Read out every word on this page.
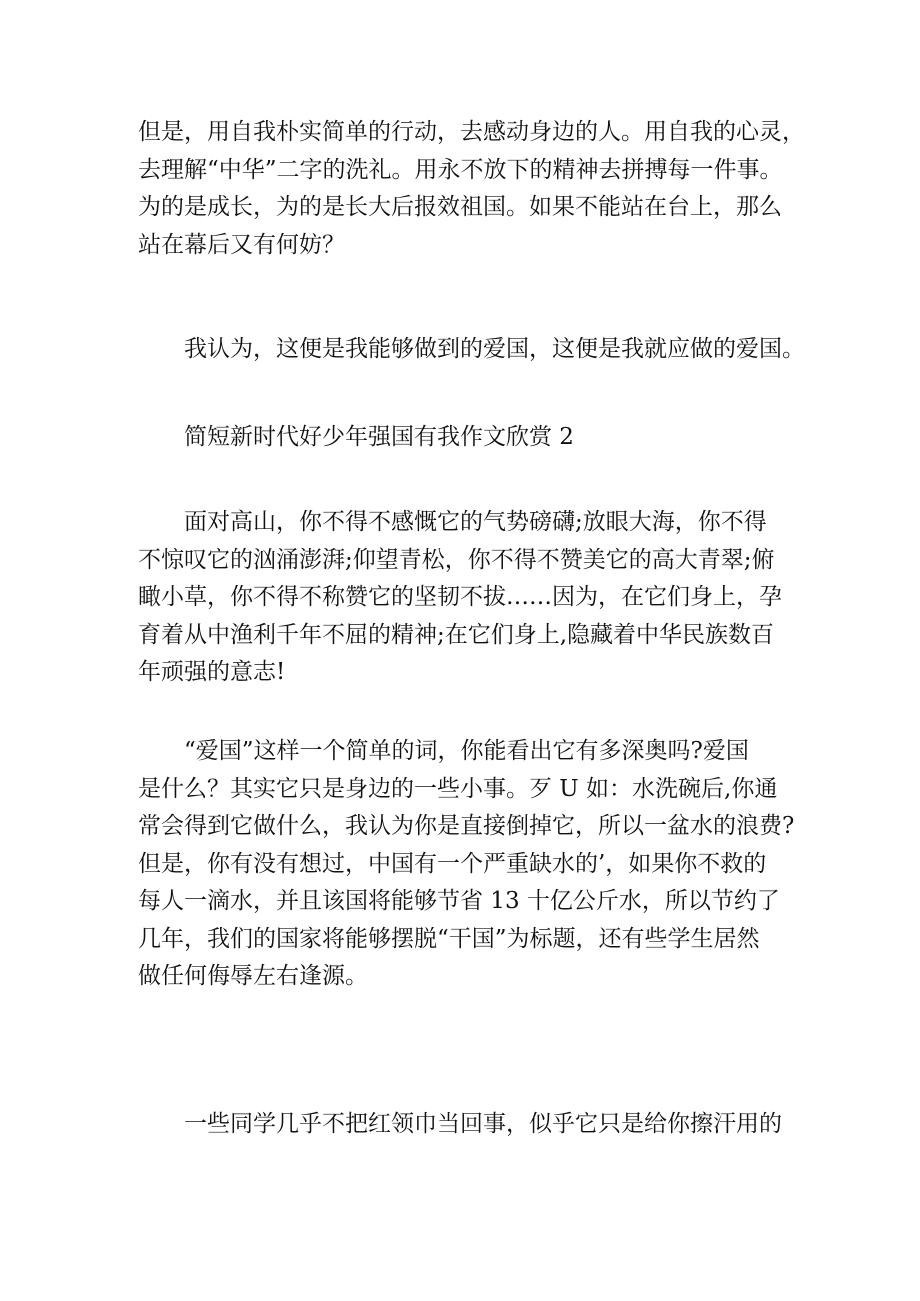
但是，用自我朴实简单的行动，去感动身边的人。用自我的心灵，
去理解“中华”二字的洗礼。用永不放下的精神去拼搏每一件事。
为的是成长，为的是长大后报效祖国。如果不能站在台上，那么
站在幕后又有何妨？

　　我认为，这便是我能够做到的爱国，这便是我就应做的爱国。

　　简短新时代好少年强国有我作文欣赏 2

　　面对高山，你不得不感慨它的气势磅礴;放眼大海，你不得
不惊叹它的汹涌澎湃;仰望青松，你不得不赞美它的高大青翠;俯
瞰小草，你不得不称赞它的坚韧不拔……因为，在它们身上，孕
育着从中渔利千年不屈的精神;在它们身上,隐藏着中华民族数百
年顽强的意志!

　　“爱国”这样一个简单的词，你能看出它有多深奥吗?爱国
是什么？其实它只是身边的一些小事。歹 U 如：水洗碗后,你通
常会得到它做什么，我认为你是直接倒掉它，所以一盆水的浪费?
但是，你有没有想过，中国有一个严重缺水的’，如果你不救的
每人一滴水，并且该国将能够节省 13 十亿公斤水，所以节约了
几年，我们的国家将能够摆脱“干国”为标题，还有些学生居然
做任何侮辱左右逢源。

　　一些同学几乎不把红领巾当回事，似乎它只是给你擦汗用的
